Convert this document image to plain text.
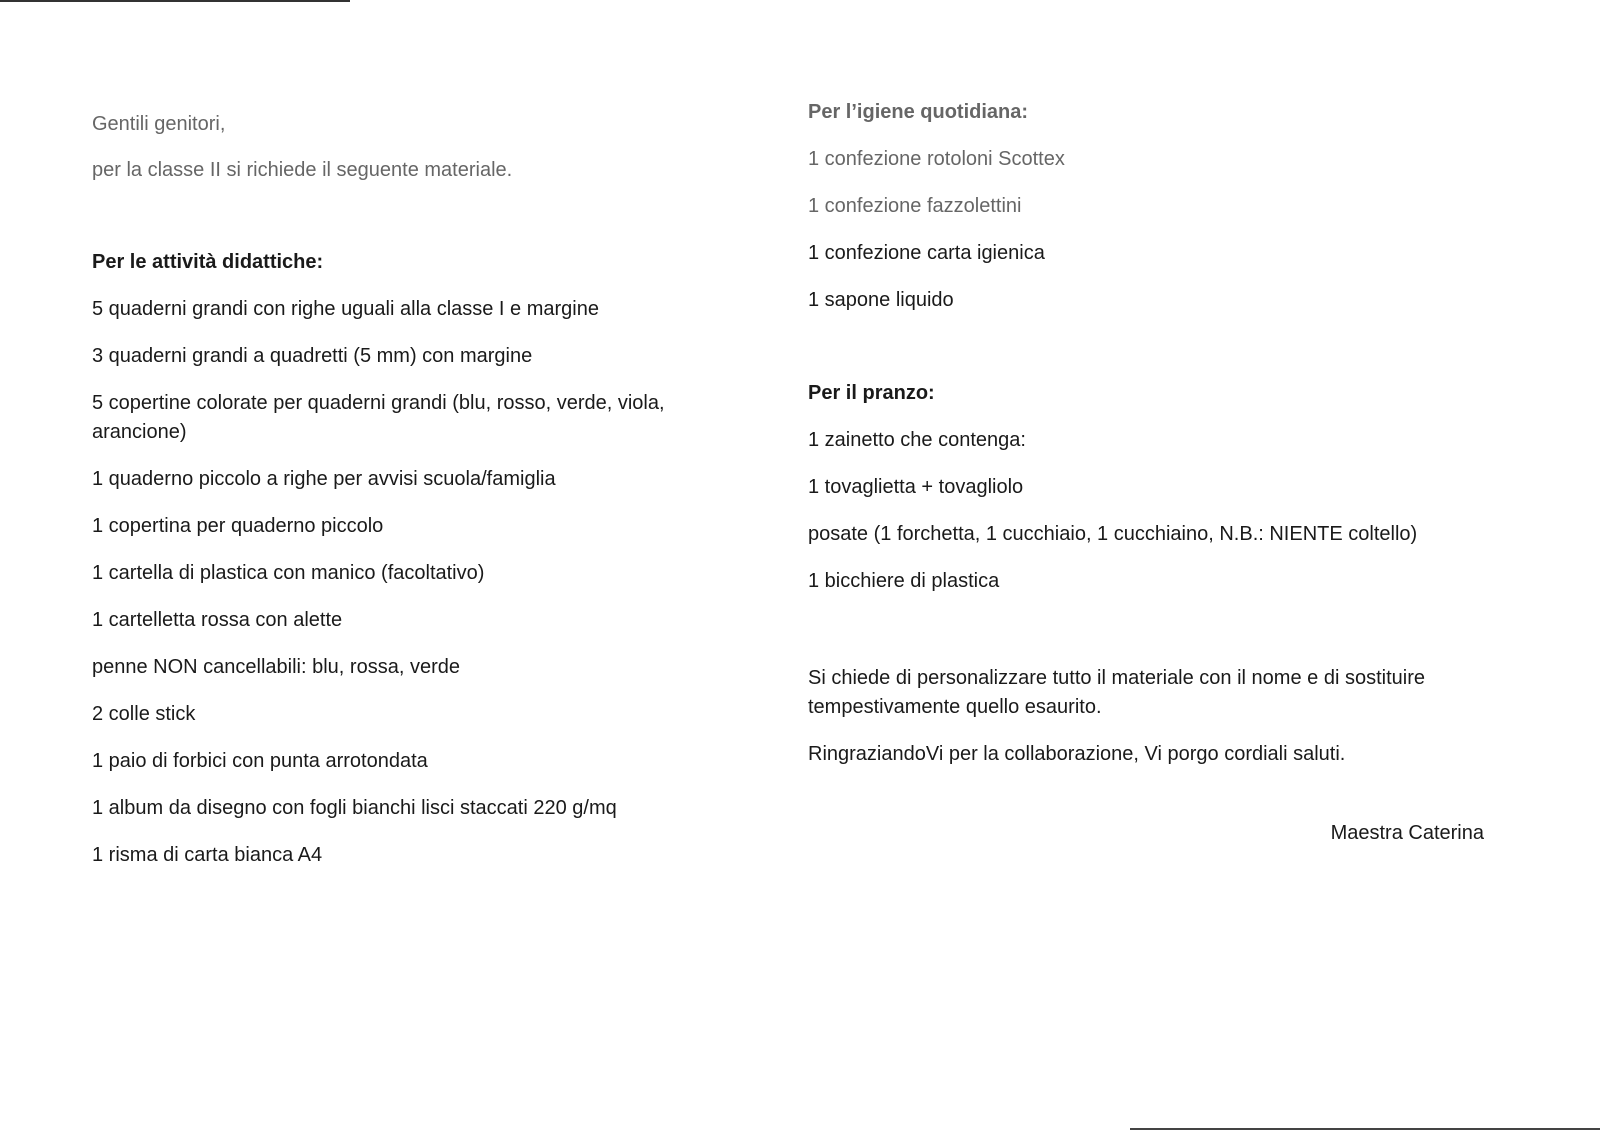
Gentili genitori,

per la classe II si richiede il seguente materiale.

Per le attività didattiche:

5 quaderni grandi con righe uguali alla classe I e margine

3 quaderni grandi a quadretti (5 mm) con margine

5 copertine colorate per quaderni grandi (blu, rosso, verde, viola, arancione)

1 quaderno piccolo a righe per avvisi scuola/famiglia

1 copertina per quaderno piccolo

1 cartella di plastica con manico (facoltativo)

1 cartelletta rossa con alette

penne NON cancellabili: blu, rossa, verde

2 colle stick

1 paio di forbici con punta arrotondata

1 album da disegno con fogli bianchi lisci staccati 220 g/mq

1 risma di carta bianca A4

Per l’igiene quotidiana:

1 confezione rotoloni Scottex

1 confezione fazzolettini

1 confezione carta igienica

1 sapone liquido

Per il pranzo:

1 zainetto che contenga:

1 tovaglietta + tovagliolo

posate (1 forchetta, 1 cucchiaio, 1 cucchiaino, N.B.: NIENTE coltello)

1 bicchiere di plastica

Si chiede di personalizzare tutto il materiale con il nome e di sostituire tempestivamente quello esaurito.

RingraziandoVi per la collaborazione, Vi porgo cordiali saluti.

Maestra Caterina
